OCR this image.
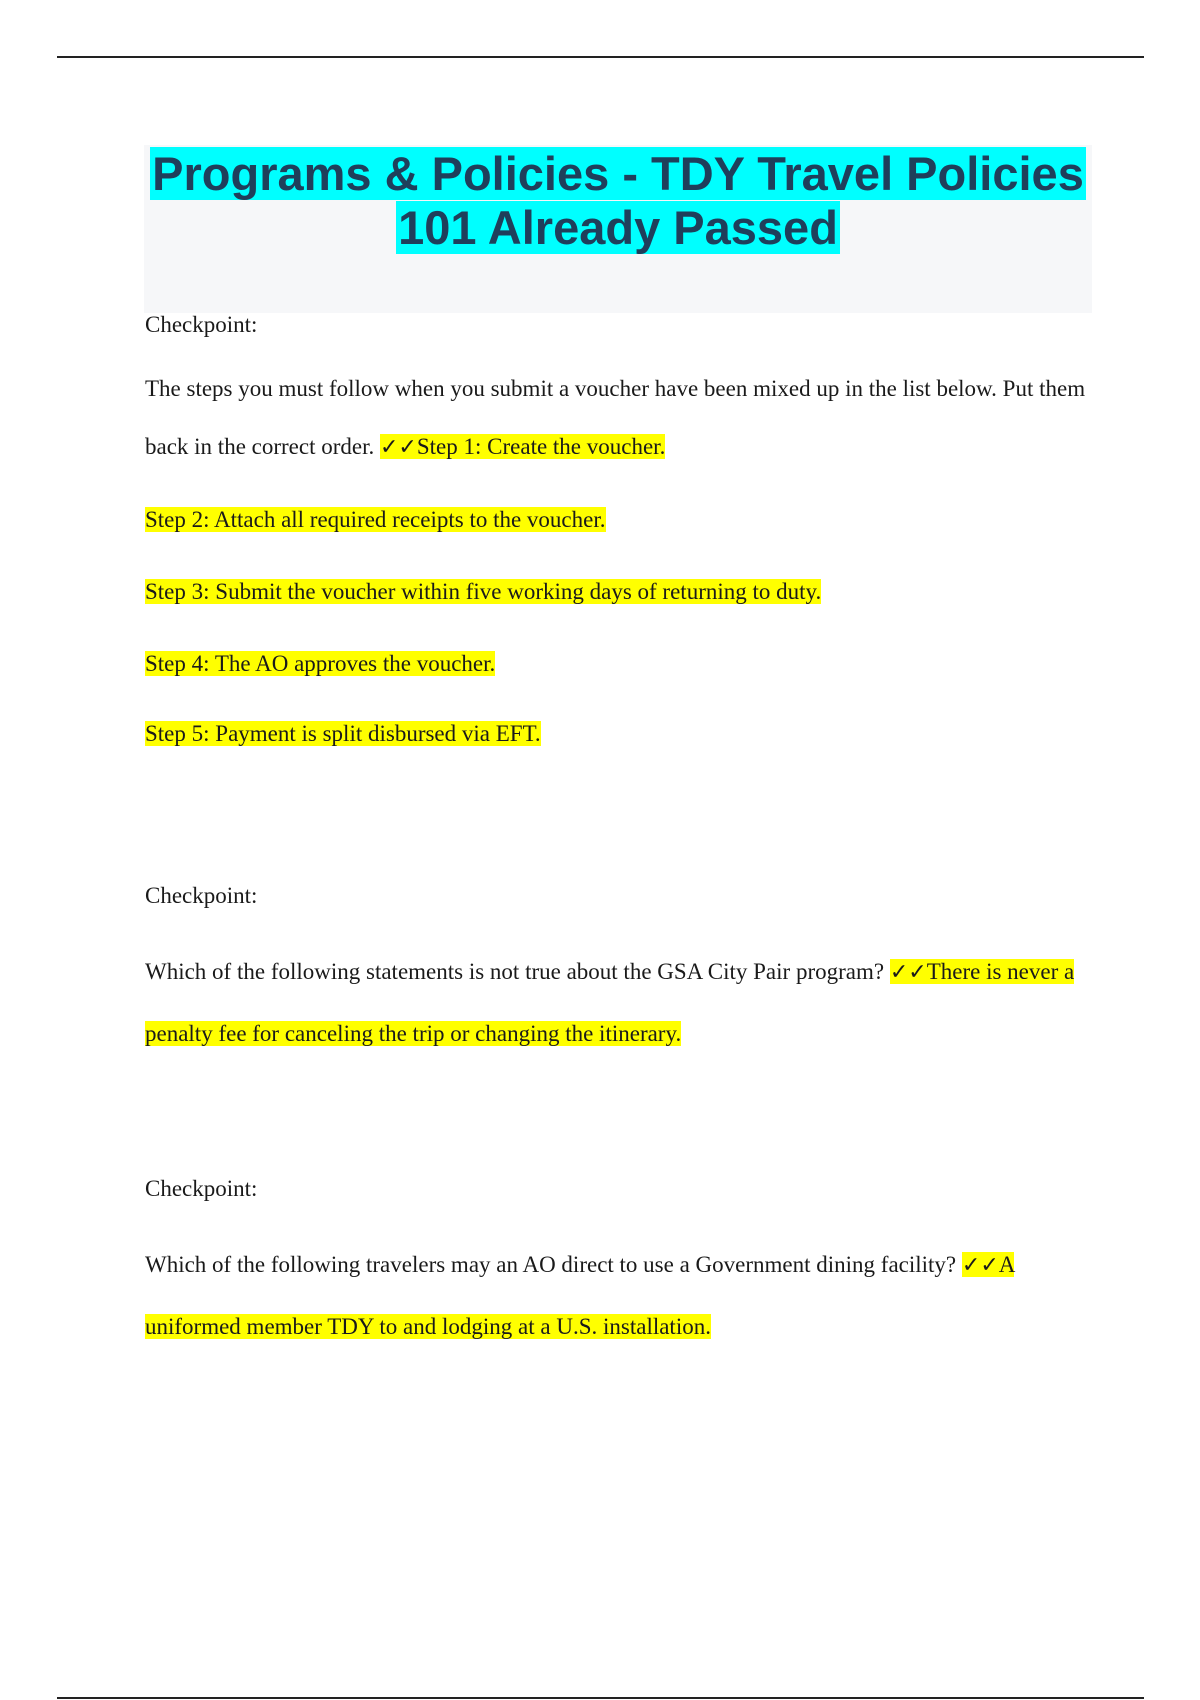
Programs & Policies - TDY Travel Policies 101 Already Passed

Checkpoint:

The steps you must follow when you submit a voucher have been mixed up in the list below. Put them back in the correct order. ✓✓Step 1: Create the voucher.

Step 2: Attach all required receipts to the voucher.

Step 3: Submit the voucher within five working days of returning to duty.

Step 4: The AO approves the voucher.

Step 5: Payment is split disbursed via EFT.

Checkpoint:

Which of the following statements is not true about the GSA City Pair program? ✓✓There is never a penalty fee for canceling the trip or changing the itinerary.

Checkpoint:

Which of the following travelers may an AO direct to use a Government dining facility? ✓✓A uniformed member TDY to and lodging at a U.S. installation.
